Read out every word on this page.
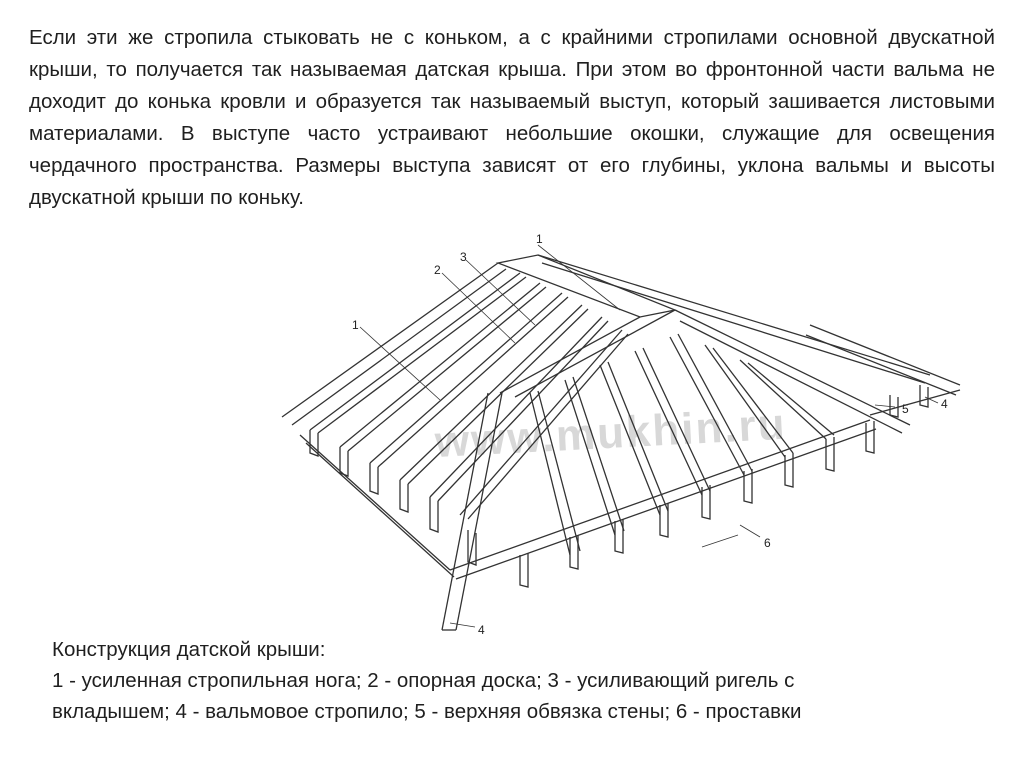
Если эти же стропила стыковать не с коньком, а с крайними стропилами основной двускатной крыши, то получается так называемая датская крыша. При этом во фронтонной части вальма не доходит до конька кровли и образуется так называемый выступ, который зашивается листовыми материалами. В выступе часто устраивают небольшие окошки, служащие для освещения чердачного пространства. Размеры выступа зависят от его глубины, уклона вальмы и высоты двускатной крыши по коньку.

www.mukhin.ru
1
2
3
1
5	4
6
4

Конструкция датской крыши:

1 - усиленная стропильная нога; 2 - опорная доска; 3 - усиливающий ригель с

вкладышем; 4 - вальмовое стропило; 5 - верхняя обвязка стены; 6 - проставки
